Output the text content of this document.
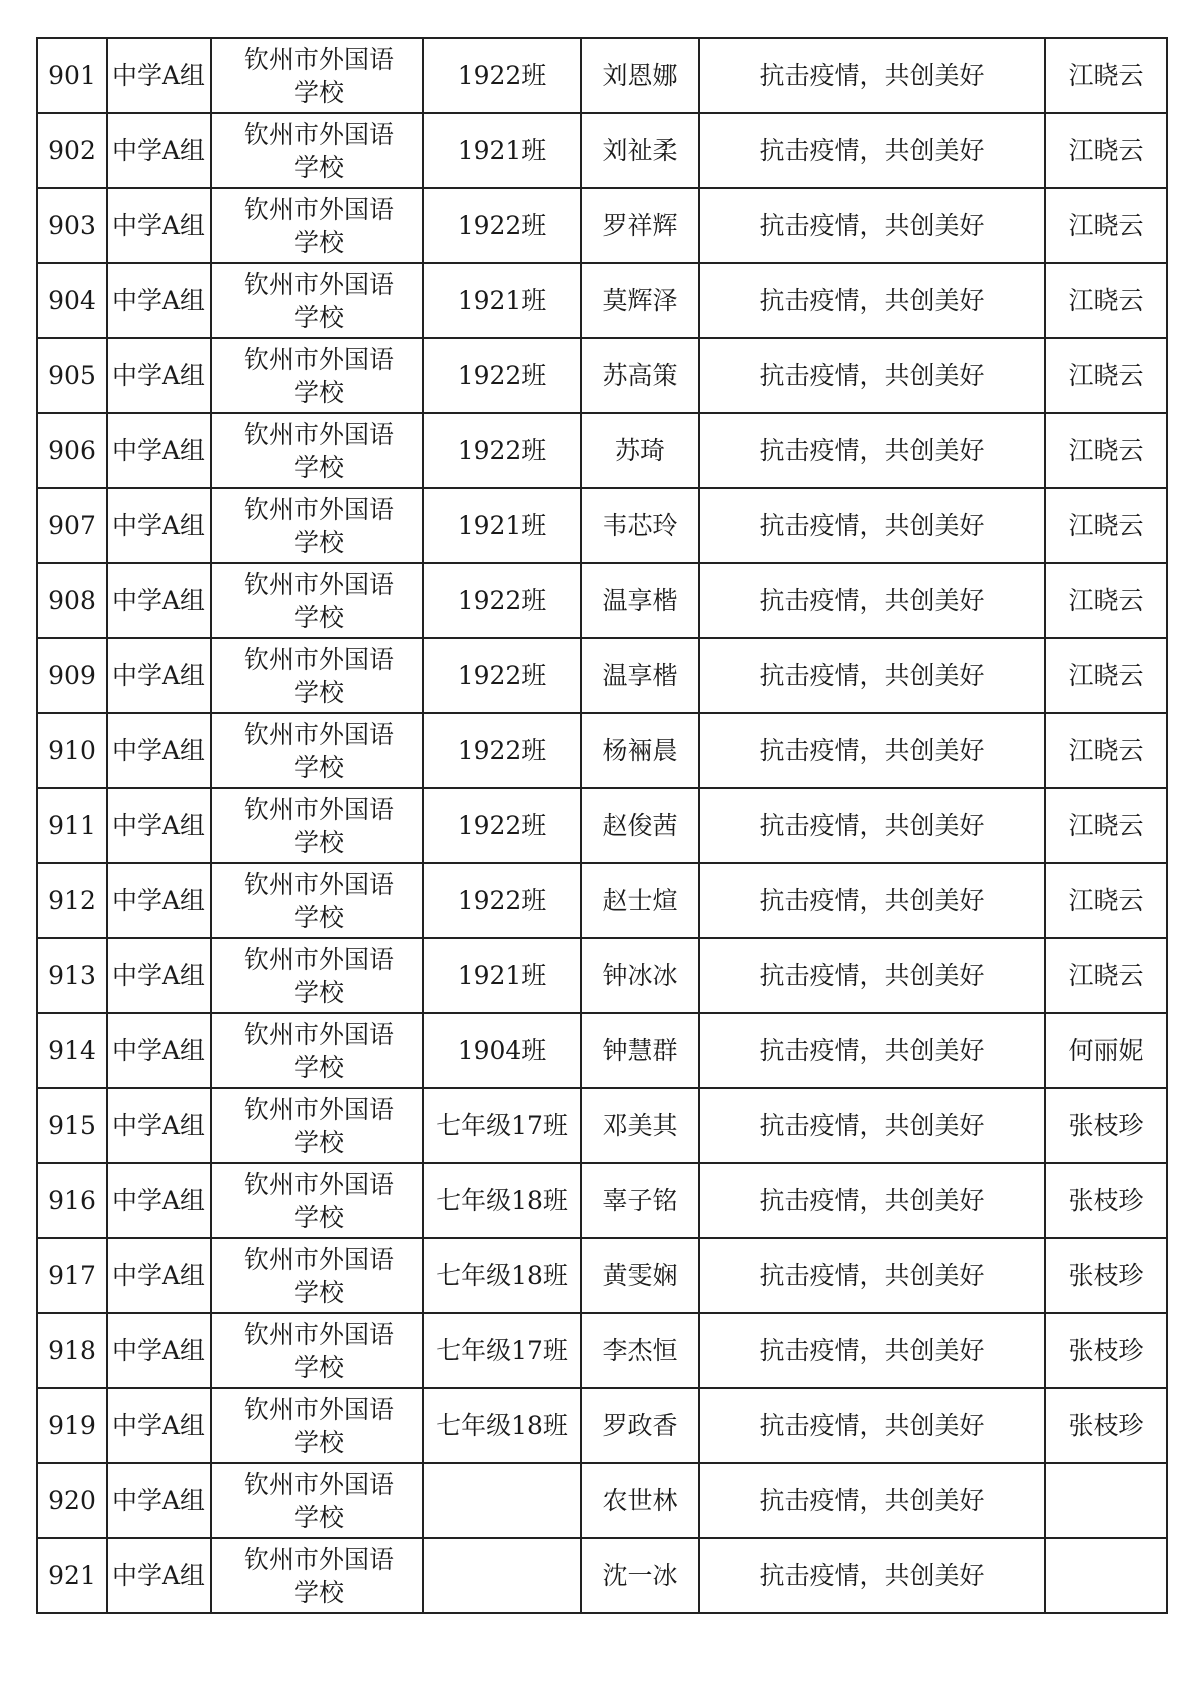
901	中学A组	钦州市外国语
学校	1922班	刘恩娜	抗击疫情，共创美好	江晓云
902	中学A组	钦州市外国语
学校	1921班	刘祉柔	抗击疫情，共创美好	江晓云
903	中学A组	钦州市外国语
学校	1922班	罗祥辉	抗击疫情，共创美好	江晓云
904	中学A组	钦州市外国语
学校	1921班	莫辉泽	抗击疫情，共创美好	江晓云
905	中学A组	钦州市外国语
学校	1922班	苏高策	抗击疫情，共创美好	江晓云
906	中学A组	钦州市外国语
学校	1922班	苏琦	抗击疫情，共创美好	江晓云
907	中学A组	钦州市外国语
学校	1921班	韦芯玲	抗击疫情，共创美好	江晓云
908	中学A组	钦州市外国语
学校	1922班	温享楷	抗击疫情，共创美好	江晓云
909	中学A组	钦州市外国语
学校	1922班	温享楷	抗击疫情，共创美好	江晓云
910	中学A组	钦州市外国语
学校	1922班	杨裲晨	抗击疫情，共创美好	江晓云
911	中学A组	钦州市外国语
学校	1922班	赵俊茜	抗击疫情，共创美好	江晓云
912	中学A组	钦州市外国语
学校	1922班	赵士煊	抗击疫情，共创美好	江晓云
913	中学A组	钦州市外国语
学校	1921班	钟冰冰	抗击疫情，共创美好	江晓云
914	中学A组	钦州市外国语
学校	1904班	钟慧群	抗击疫情，共创美好	何丽妮
915	中学A组	钦州市外国语
学校	七年级17班	邓美其	抗击疫情，共创美好	张枝珍
916	中学A组	钦州市外国语
学校	七年级18班	辜子铭	抗击疫情，共创美好	张枝珍
917	中学A组	钦州市外国语
学校	七年级18班	黄雯娴	抗击疫情，共创美好	张枝珍
918	中学A组	钦州市外国语
学校	七年级17班	李杰恒	抗击疫情，共创美好	张枝珍
919	中学A组	钦州市外国语
学校	七年级18班	罗政香	抗击疫情，共创美好	张枝珍
920	中学A组	钦州市外国语
学校		农世林	抗击疫情，共创美好	
921	中学A组	钦州市外国语
学校		沈一冰	抗击疫情，共创美好	
